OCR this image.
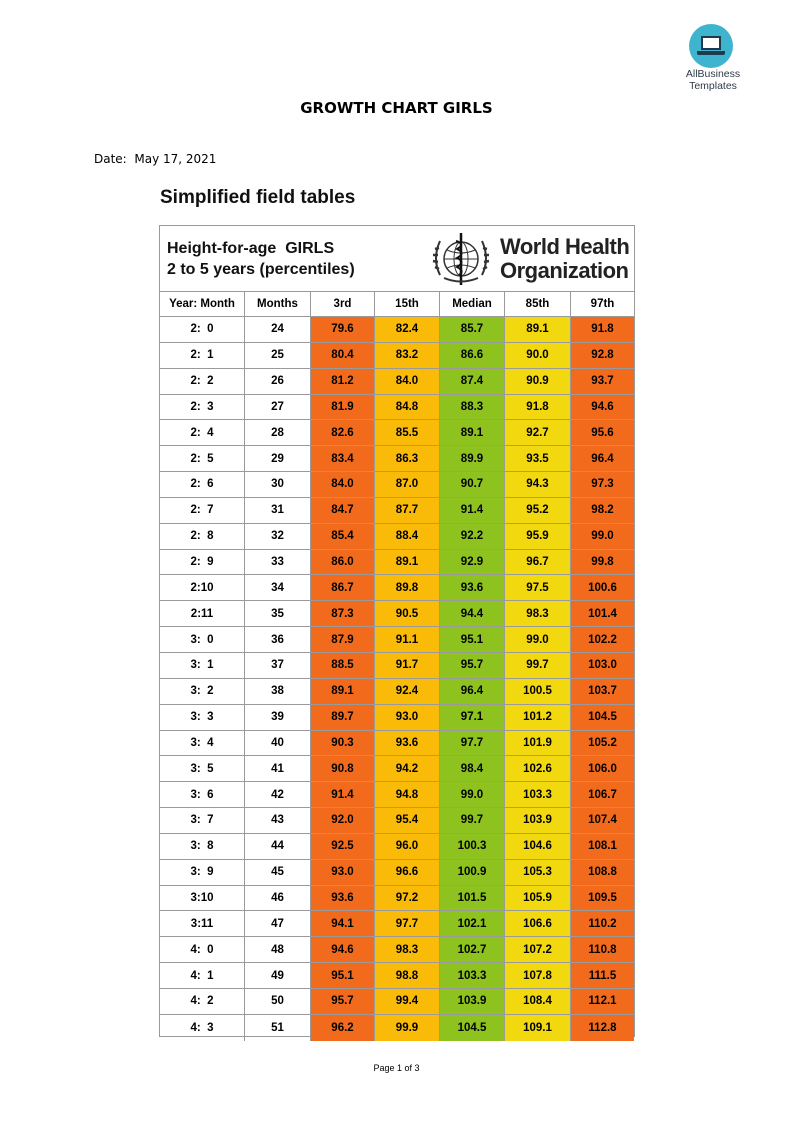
AllBusiness
Templates
GROWTH CHART GIRLS
Date: May 17, 2021
Simplified field tables
Height-for-age  GIRLS
2 to 5 years (percentiles)
World Health
Organization
Year: Month	Months	3rd	15th	Median	85th	97th
2:  0	24	79.6	82.4	85.7	89.1	91.8
2:  1	25	80.4	83.2	86.6	90.0	92.8
2:  2	26	81.2	84.0	87.4	90.9	93.7
2:  3	27	81.9	84.8	88.3	91.8	94.6
2:  4	28	82.6	85.5	89.1	92.7	95.6
2:  5	29	83.4	86.3	89.9	93.5	96.4
2:  6	30	84.0	87.0	90.7	94.3	97.3
2:  7	31	84.7	87.7	91.4	95.2	98.2
2:  8	32	85.4	88.4	92.2	95.9	99.0
2:  9	33	86.0	89.1	92.9	96.7	99.8
2:10	34	86.7	89.8	93.6	97.5	100.6
2:11	35	87.3	90.5	94.4	98.3	101.4
3:  0	36	87.9	91.1	95.1	99.0	102.2
3:  1	37	88.5	91.7	95.7	99.7	103.0
3:  2	38	89.1	92.4	96.4	100.5	103.7
3:  3	39	89.7	93.0	97.1	101.2	104.5
3:  4	40	90.3	93.6	97.7	101.9	105.2
3:  5	41	90.8	94.2	98.4	102.6	106.0
3:  6	42	91.4	94.8	99.0	103.3	106.7
3:  7	43	92.0	95.4	99.7	103.9	107.4
3:  8	44	92.5	96.0	100.3	104.6	108.1
3:  9	45	93.0	96.6	100.9	105.3	108.8
3:10	46	93.6	97.2	101.5	105.9	109.5
3:11	47	94.1	97.7	102.1	106.6	110.2
4:  0	48	94.6	98.3	102.7	107.2	110.8
4:  1	49	95.1	98.8	103.3	107.8	111.5
4:  2	50	95.7	99.4	103.9	108.4	112.1
4:  3	51	96.2	99.9	104.5	109.1	112.8
Page 1 of 3
